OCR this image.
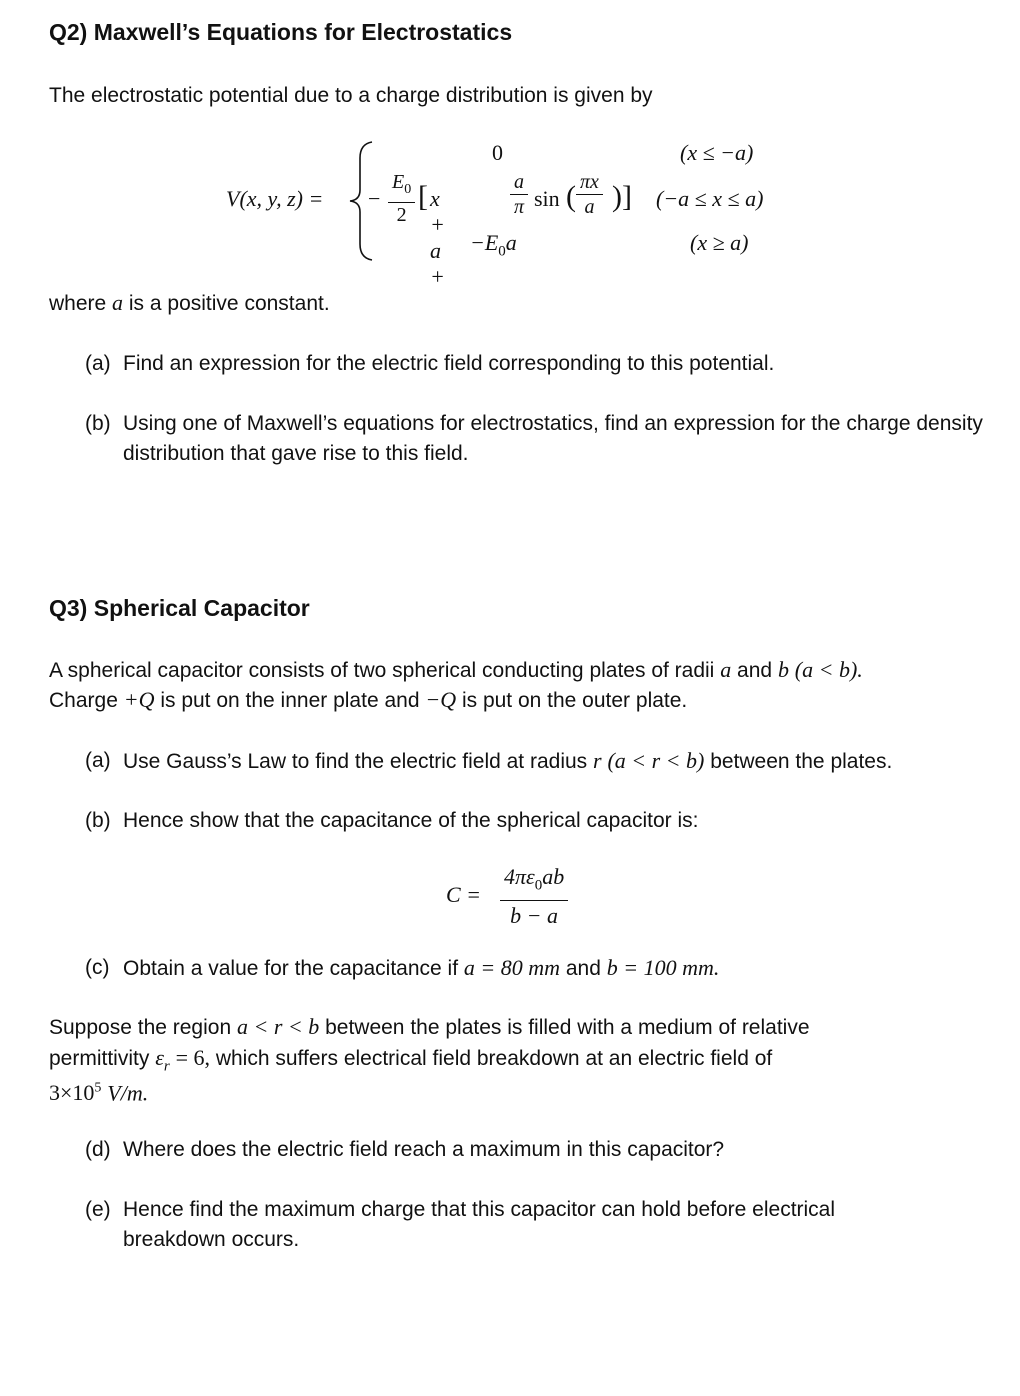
Q2) Maxwell’s Equations for Electrostatics
The electrostatic potential due to a charge distribution is given by
V(x, y, z) =
0	(x ≤ −a)
− $\frac{E_0}{2}$ [ x + a +
$\frac{a}{\pi}$ sin ( $\frac{\pi x}{a}$ )] (−a ≤ x ≤ a)
$-E_0a$	(x ≥ a)
where a is a positive constant.
(a) Find an expression for the electric field corresponding to this potential.
(b) Using one of Maxwell’s equations for electrostatics, find an expression for the charge density distribution that gave rise to this field.
Q3) Spherical Capacitor
A spherical capacitor consists of two spherical conducting plates of radii a and b (a < b).
Charge +Q is put on the inner plate and −Q is put on the outer plate.
(a) Use Gauss’s Law to find the electric field at radius r (a < r < b) between the plates.
(b) Hence show that the capacitance of the spherical capacitor is:
$C = \frac{4\pi\varepsilon_0ab}{b - a}$
(c) Obtain a value for the capacitance if a = 80 mm and b = 100 mm.
Suppose the region a < r < b between the plates is filled with a medium of relative
permittivity $\varepsilon_r = 6$, which suffers electrical field breakdown at an electric field of
$3\times 10^5$ V/m.
(d) Where does the electric field reach a maximum in this capacitor?
(e) Hence find the maximum charge that this capacitor can hold before electrical breakdown occurs.
